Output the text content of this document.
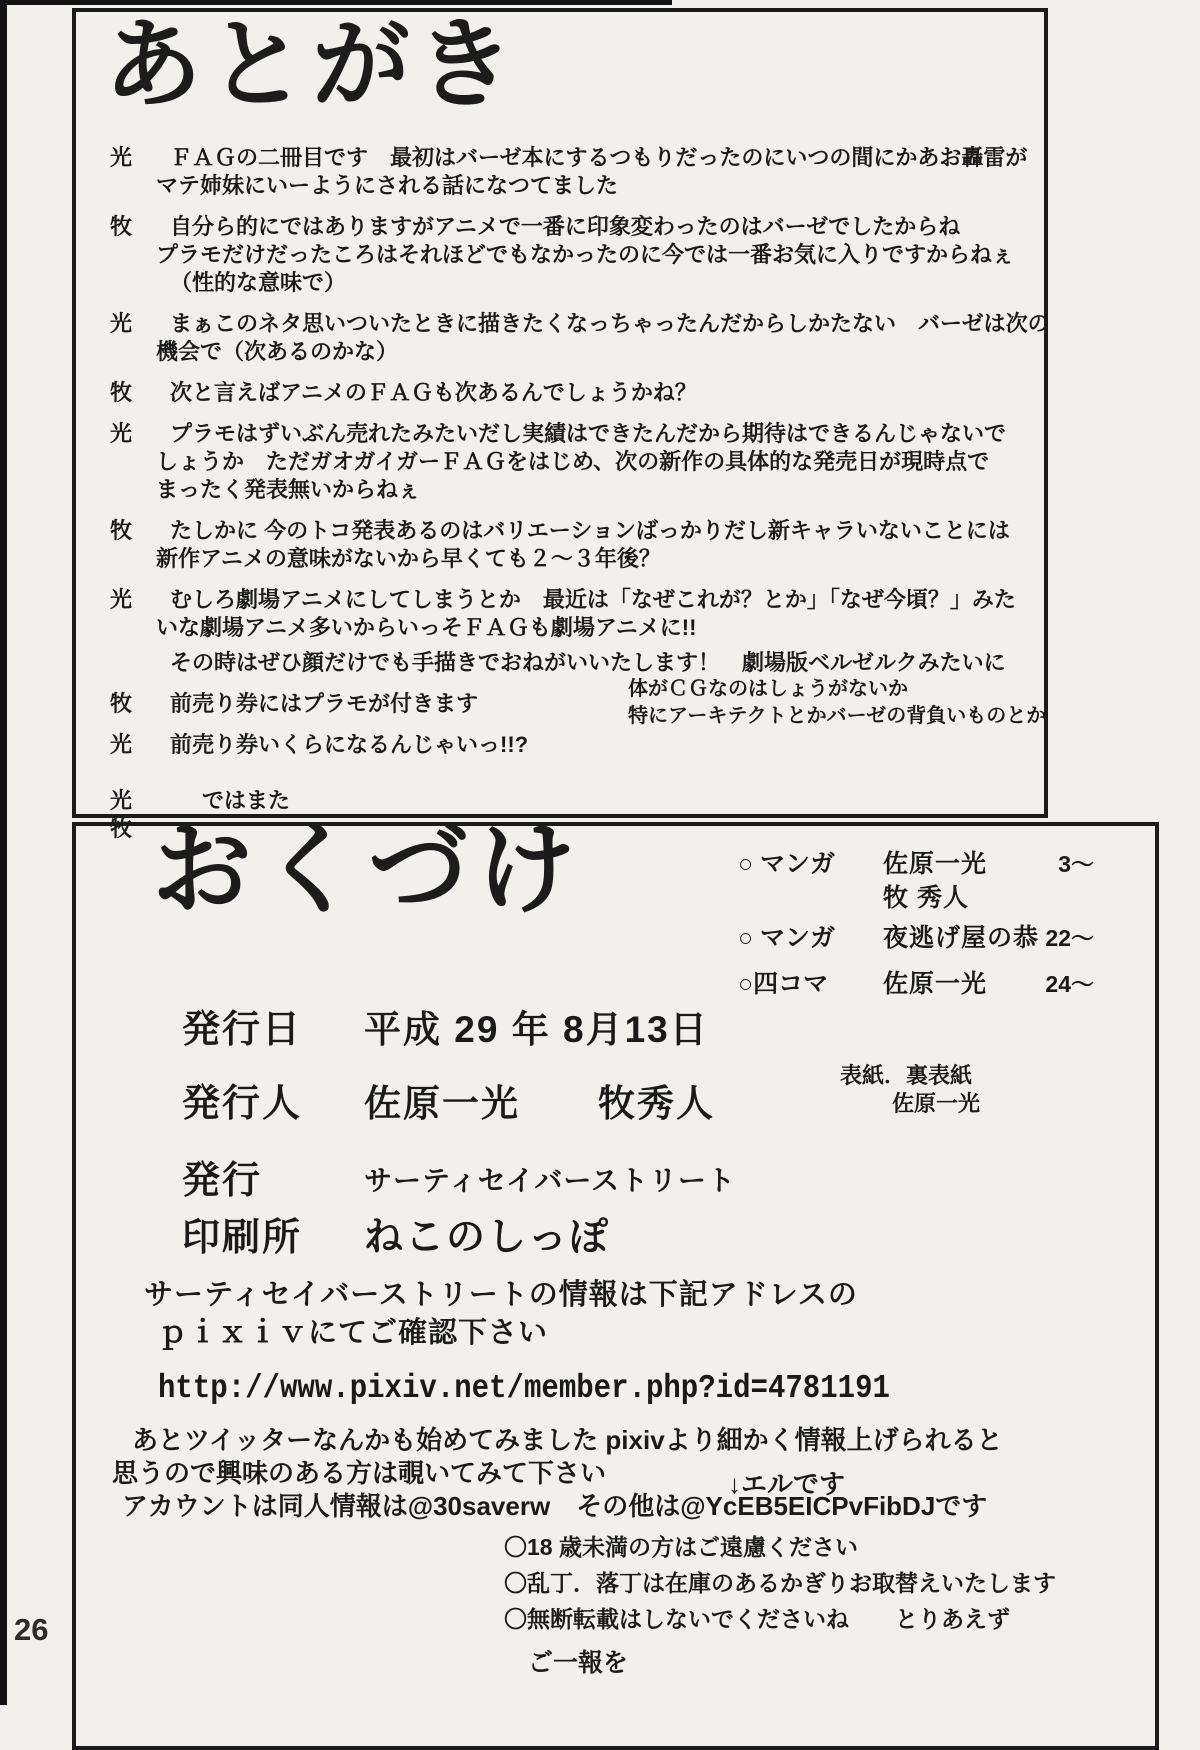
あとがき
光	ＦＡＧの二冊目です　最初はバーゼ本にするつもりだったのにいつの間にかあお轟雷が
マテ姉妹にいーようにされる話になつてました
牧	自分ら的にではありますがアニメで一番に印象変わったのはバーゼでしたからね
プラモだけだったころはそれほどでもなかったのに今では一番お気に入りですからねぇ
（性的な意味で）
光	まぁこのネタ思いついたときに描きたくなっちゃったんだからしかたない　バーゼは次の
機会で（次あるのかな）
牧	次と言えばアニメのＦＡＧも次あるんでしょうかね？
光	プラモはずいぶん売れたみたいだし実績はできたんだから期待はできるんじゃないで
しょうか　ただガオガイガーＦＡＧをはじめ、次の新作の具体的な発売日が現時点で
まったく発表無いからねぇ
牧	たしかに 今のトコ発表あるのはバリエーションばっかりだし新キャラいないことには
新作アニメの意味がないから早くても２～３年後？
光	むしろ劇場アニメにしてしまうとか　最近は「なぜこれが？とか」「なぜ今頃？」みた
いな劇場アニメ多いからいっそＦＡＧも劇場アニメに!!
その時はぜひ顔だけでも手描きでおねがいいたします！　劇場版ベルゼルクみたいに
牧	前売り券にはプラモが付きます
光	前売り券いくらになるんじゃいっ!!?
光牧
ではまた
体がＣＧなのはしょうがないか
特にアーキテクトとかバーゼの背負いものとか
おくづけ	○ マンガ	佐原一光	3～
牧 秀人
○ マンガ	夜逃げ屋の恭 22～
○四コマ	佐原一光	24～
発行日	平成 29 年 8月13日
発行人	佐原一光　　牧秀人
発行	サーティセイバーストリート
印刷所	ねこのしっぽ
表紙．裏表紙
佐原一光
サーティセイバーストリートの情報は下記アドレスの
ｐｉｘｉｖにてご確認下さい
http://www.pixiv.net/member.php?id=4781191
あとツイッターなんかも始めてみました pixivより細かく情報上げられると
思うので興味のある方は覗いてみて下さい
アカウントは同人情報は@30saverw　その他は@YcEB5EICPvFibDJです
↓エルです
〇18 歳未満の方はご遠慮ください
〇乱丁．落丁は在庫のあるかぎりお取替えいたします
〇無断転載はしないでくださいね　　とりあえず
ご一報を
26
